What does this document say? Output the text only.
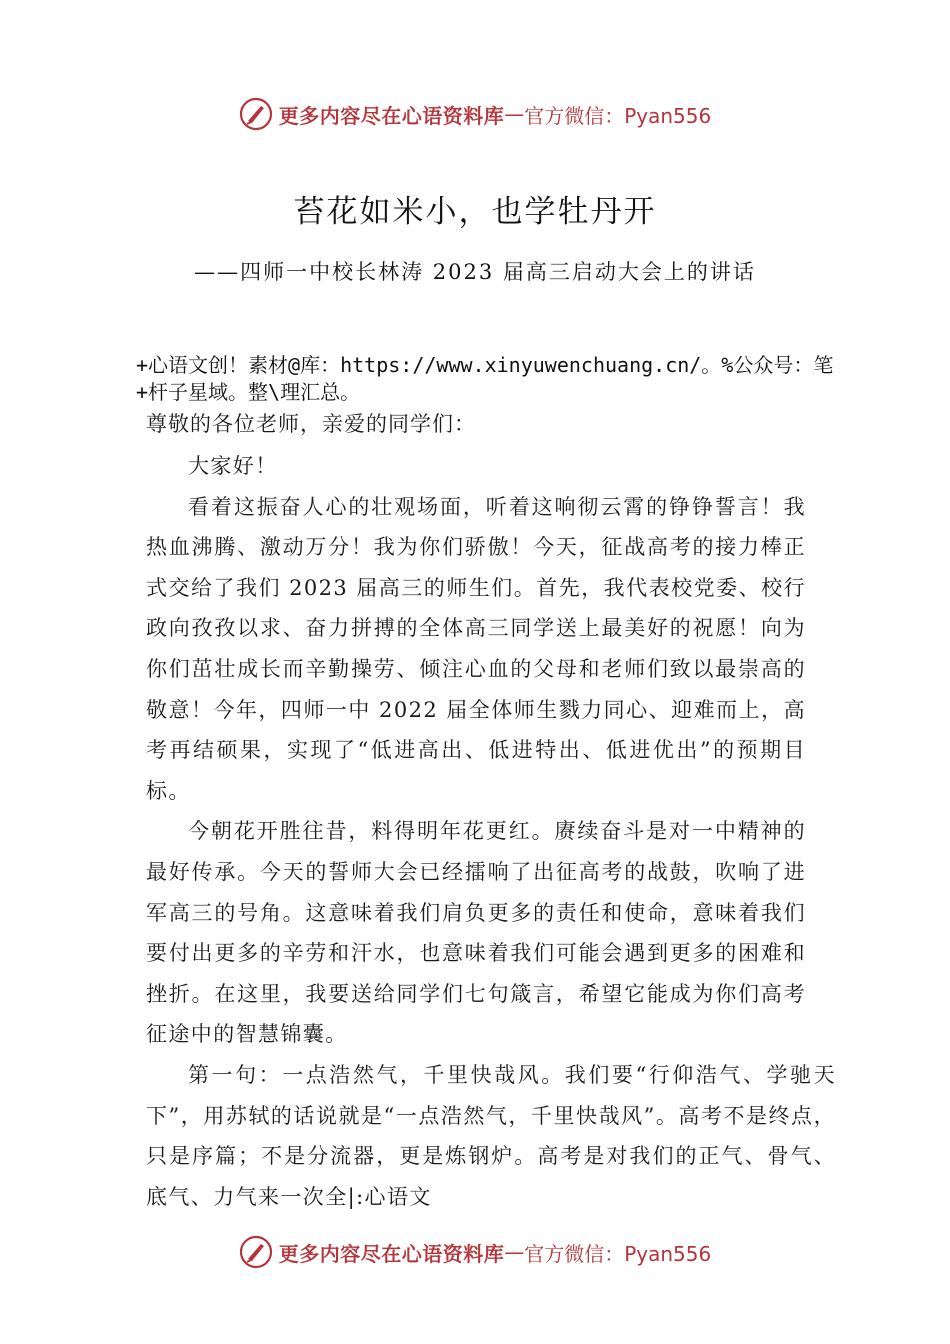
更多内容尽在心语资料库 — 官方微信：Pyan556
苔花如米小，也学牡丹开
——四师一中校长林涛 2023 届高三启动大会上的讲话
+心语文创！素材@库：https://www.xinyuwenchuang.cn/。%公众号：笔+杆子星域。整\理汇总。
尊敬的各位老师，亲爱的同学们：

大家好！

看着这振奋人心的壮观场面，听着这响彻云霄的铮铮誓言！我热血沸腾、激动万分！我为你们骄傲！今天，征战高考的接力棒正式交给了我们 2023 届高三的师生们。首先，我代表校党委、校行政向孜孜以求、奋力拼搏的全体高三同学送上最美好的祝愿！向为你们茁壮成长而辛勤操劳、倾注心血的父母和老师们致以最崇高的敬意！今年，四师一中 2022 届全体师生戮力同心、迎难而上，高考再结硕果，实现了“低进高出、低进特出、低进优出”的预期目标。

今朝花开胜往昔，料得明年花更红。赓续奋斗是对一中精神的最好传承。今天的誓师大会已经擂响了出征高考的战鼓，吹响了进军高三的号角。这意味着我们肩负更多的责任和使命，意味着我们要付出更多的辛劳和汗水，也意味着我们可能会遇到更多的困难和挫折。在这里，我要送给同学们七句箴言，希望它能成为你们高考征途中的智慧锦囊。

第一句：一点浩然气，千里快哉风。我们要“行仰浩气、学驰天下”，用苏轼的话说就是“一点浩然气，千里快哉风”。高考不是终点，只是序篇；不是分流器，更是炼钢炉。高考是对我们的正气、骨气、底气、力气来一次全|:心语文

更多内容尽在心语资料库 — 官方微信：Pyan556
